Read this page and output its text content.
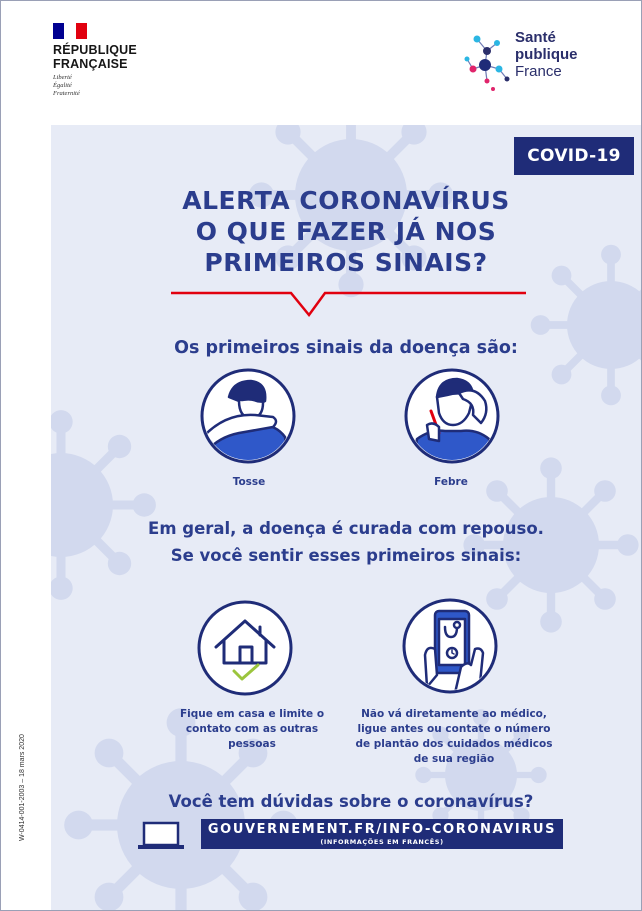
RÉPUBLIQUE
FRANÇAISE
Liberté
Égalité
Fraternité
Santé
publique
France
COVID-19
ALERTA CORONAVÍRUS
O QUE FAZER JÁ NOS
PRIMEIROS SINAIS?
Os primeiros sinais da doença são:
Tosse	Febre
Em geral, a doença é curada com repouso.
Se você sentir esses primeiros sinais:
Fique em casa e limite o contato com as outras pessoas
Não vá diretamente ao médico, ligue antes ou contate o número de plantão dos cuidados médicos de sua região
Você tem dúvidas sobre o coronavírus?
GOUVERNEMENT.FR/INFO-CORONAVIRUS
(INFORMAÇÕES EM FRANCÊS)
W-0414-001-2003 – 18 mars 2020
